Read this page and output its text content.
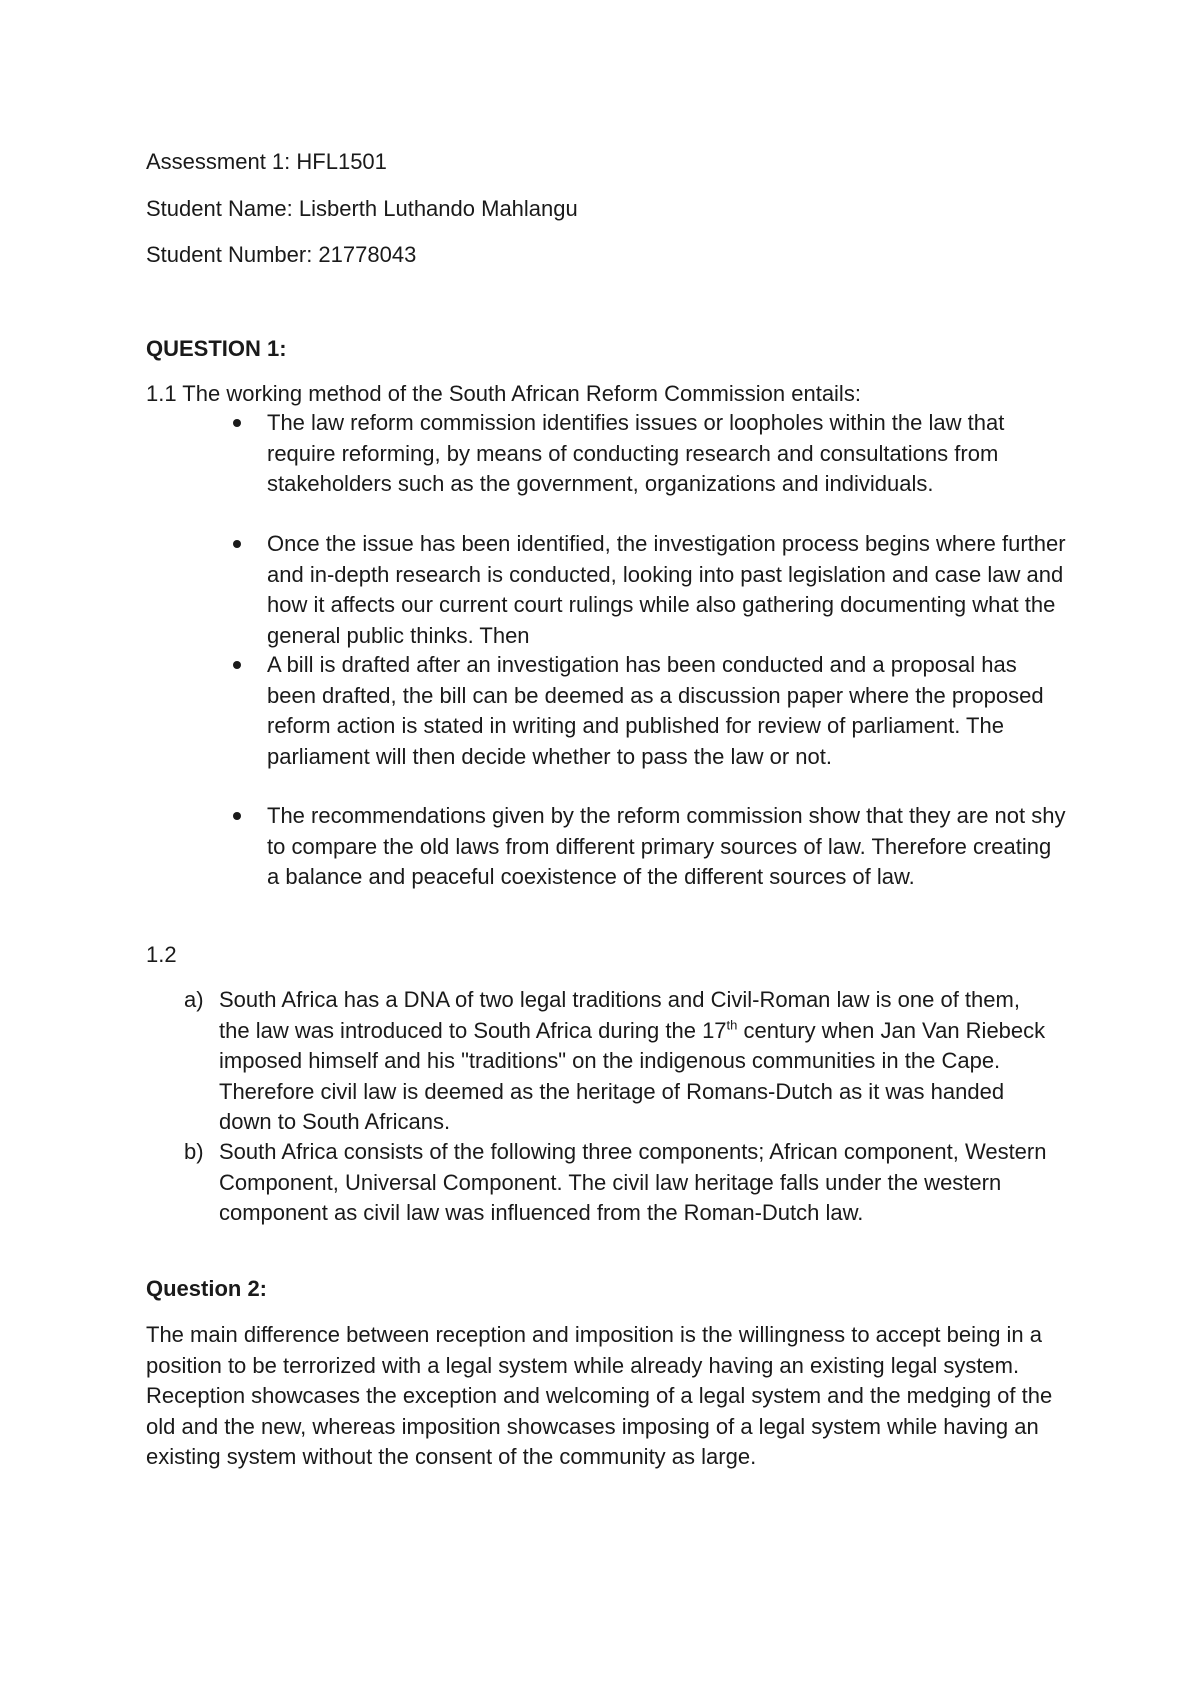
Assessment 1: HFL1501
Student Name: Lisberth Luthando Mahlangu
Student Number: 21778043
QUESTION 1:
1.1 The working method of the South African Reform Commission entails:
The law reform commission identifies issues or loopholes within the law that require reforming, by means of conducting research and consultations from stakeholders such as the government, organizations and individuals.
Once the issue has been identified, the investigation process begins where further and in-depth research is conducted, looking into past legislation and case law and how it affects our current court rulings while also gathering documenting what the general public thinks. Then
A bill is drafted after an investigation has been conducted and a proposal has been drafted, the bill can be deemed as a discussion paper where the proposed reform action is stated in writing and published for review of parliament. The parliament will then decide whether to pass the law or not.
The recommendations given by the reform commission show that they are not shy to compare the old laws from different primary sources of law. Therefore creating a balance and peaceful coexistence of the different sources of law.
1.2
a) South Africa has a DNA of two legal traditions and Civil-Roman law is one of them, the law was introduced to South Africa during the 17th century when Jan Van Riebeck imposed himself and his "traditions" on the indigenous communities in the Cape. Therefore civil law is deemed as the heritage of Romans-Dutch as it was handed down to South Africans.
b) South Africa consists of the following three components; African component, Western Component, Universal Component. The civil law heritage falls under the western component as civil law was influenced from the Roman-Dutch law.
Question 2:
The main difference between reception and imposition is the willingness to accept being in a position to be terrorized with a legal system while already having an existing legal system. Reception showcases the exception and welcoming of a legal system and the medging of the old and the new, whereas imposition showcases imposing of a legal system while having an existing system without the consent of the community as large.
